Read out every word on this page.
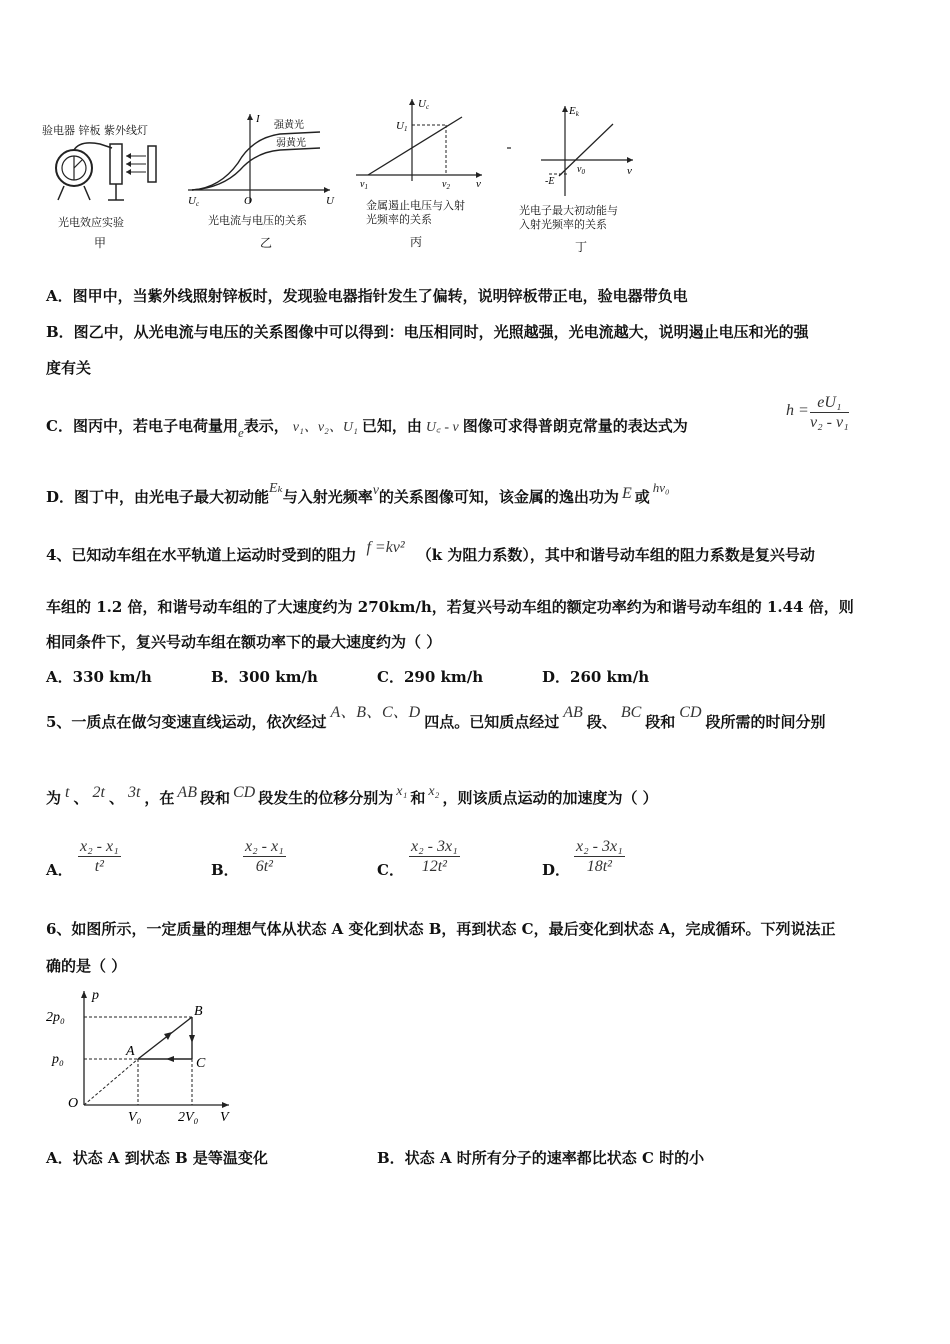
验电器 锌板 紫外线灯
光电效应实验
甲
I
U
强黄光
弱黄光
Uc	O
光电流与电压的关系
乙
Uc
U1
$\nu_1$	$\nu_2$ ν
金属遏止电压与入射
光频率的关系
丙
Ek
-E
$\nu_0$	ν
光电子最大初动能与
入射光频率的关系
丁
A．图甲中，当紫外线照射锌板时，发现验电器指针发生了偏转，说明锌板带正电，验电器带负电
B．图乙中，从光电流与电压的关系图像中可以得到：电压相同时，光照越强，光电流越大，说明遏止电压和光的强
度有关
C．图丙中，若电子电荷量用e表示， ν₁、ν₂、U₁ 已知，由 U꜀ - ν 图像可求得普朗克常量的表达式为
$h = \frac{\text{eU₁}}{\text{ν₂ - ν₁}}$
D．图丁中，由光电子最大初动能Eₖ与入射光频率ν的关系图像可知，该金属的逸出功为 E 或hν₀
4、已知动车组在水平轨道上运动时受到的阻力 f =kv² （k 为阻力系数），其中和谐号动车组的阻力系数是复兴号动
车组的 1.2 倍，和谐号动车组的了大速度约为 270km/h，若复兴号动车组的额定功率约为和谐号动车组的 1.44 倍，则
相同条件下，复兴号动车组在额功率下的最大速度约为（ ）
A．330 km/h	B．300 km/h	C．290 km/h	D．260 km/h
5、一质点在做匀变速直线运动，依次经过A、B、C、D四点。已知质点经过AB段、BC段和CD段所需的时间分别
为 t 、 2t 、 3t ，在 AB 段和 CD 段发生的位移分别为 x₁ 和 x₂ ，则该质点运动的加速度为（ ）
A． $\frac{\text{x₂ - x₁}}{\text{t²}}$	B． $\frac{\text{x₂ - x₁}}{\text{6t²}}$	C． $\frac{\text{x₂ - 3x₁}}{\text{12t²}}$	D． $\frac{\text{x₂ - 3x₁}}{\text{18t²}}$
6、如图所示，一定质量的理想气体从状态 A 变化到状态 B，再到状态 C，最后变化到状态 A，完成循环。下列说法正
确的是（ ）
p
V
O
A
B
C
p₀
2p₀
V₀	2V₀
A．状态 A 到状态 B 是等温变化	B．状态 A 时所有分子的速率都比状态 C 时的小
